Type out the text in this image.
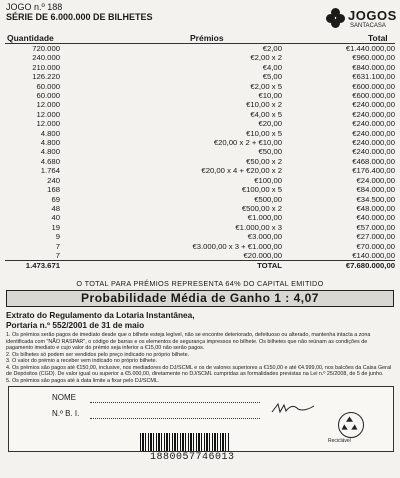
JOGO n.º 188
SÉRIE DE 6.000.000 DE BILHETES	JOGOS
SANTACASA
Quantidade	Prémios	Total
720.000	€2,00	€1.440.000,00
240.000	€2,00 x 2	€960.000,00
210.000	€4,00	€840.000,00
126.220	€5,00	€631.100,00
60.000	€2,00 x 5	€600.000,00
60.000	€10,00	€600.000,00
12.000	€10,00 x 2	€240.000,00
12.000	€4,00 x 5	€240.000,00
12.000	€20,00	€240.000,00
4.800	€10,00 x 5	€240.000,00
4.800	€20,00 x 2 + €10,00	€240.000,00
4.800	€50,00	€240.000,00
4.680	€50,00 x 2	€468.000,00
1.764	€20,00 x 4 + €20,00 x 2	€176.400,00
240	€100,00	€24.000,00
168	€100,00 x 5	€84.000,00
69	€500,00	€34.500,00
48	€500,00 x 2	€48.000,00
40	€1.000,00	€40.000,00
19	€1.000,00 x 3	€57.000,00
9	€3.000,00	€27.000,00
7	€3.000,00 x 3 + €1.000,00	€70.000,00
7	€20.000,00	€140.000,00
1.473.671	TOTAL	€7.680.000,00
O TOTAL PARA PRÉMIOS REPRESENTA 64% DO CAPITAL EMITIDO
Probabilidade Média de Ganho 1 : 4,07
Extrato do Regulamento da Lotaria Instantânea,
Portaria n.º 552/2001 de 31 de maio

1. Os prémios serão pagos de imediato desde que o bilhete esteja legível, não se encontre deteriorado, defeituoso ou alterado, mantenha intacta a zona identificada com "NÃO RASPAR", o código de barras e os elementos de segurança impressos no bilhete. Os bilhetes que não reúnam as condições de pagamento imediato e cujo valor do prémio seja inferior a €15,00 não serão pagos.

2. Os bilhetes só podem ser vendidos pelo preço indicado no próprio bilhete.

3. O valor do prémio a receber vem indicado no próprio bilhete.

4. Os prémios são pagos até €150,00, inclusive, nos mediadores do DJ/SCML e os de valores superiores a €150,00 e até €4.999,00, nos balcões da Caixa Geral de Depósitos (CGD). De valor igual ou superior a €5.000,00, diretamente no DJ/SCML cumpridas as formalidades previstas na Lei n.º 25/2008, de 5 de junho.

5. Os prémios são pagos até à data limite a fixar pelo DJ/SCML.

NOME
N.º B. I.
Reciclável
1880057746013
